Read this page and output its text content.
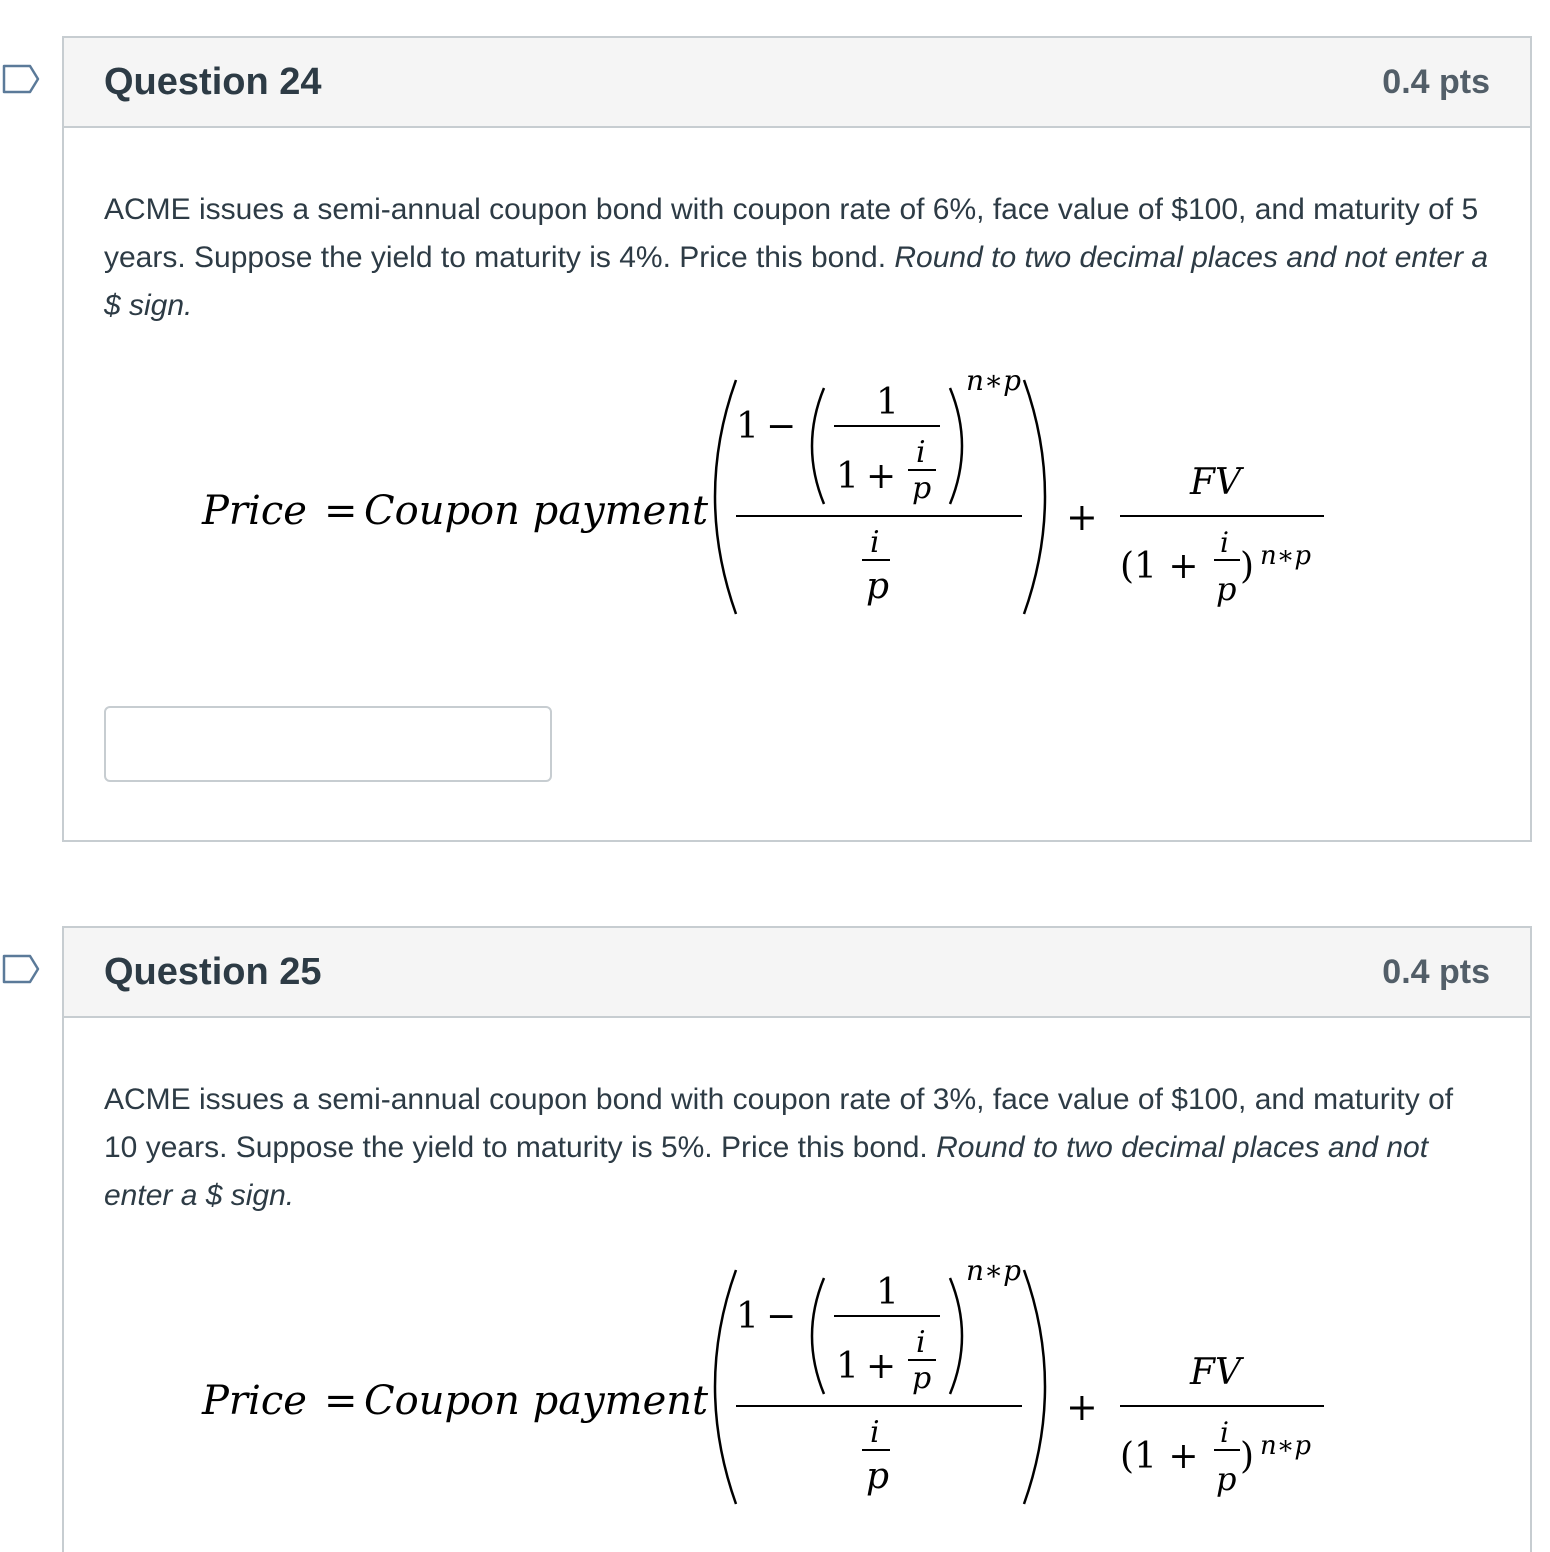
Question 24	0.4 pts

ACME issues a semi-annual coupon bond with coupon rate of 6%, face value of $100, and maturity of 5 years. Suppose the yield to maturity is 4%. Price this bond. Round to two decimal places and not enter a $ sign.

Price = Coupon payment
1 −
1
1 +
i
p
n∗p
i
p
+
FV
(1 +
i
p
) n∗p
Question 25	0.4 pts

ACME issues a semi-annual coupon bond with coupon rate of 3%, face value of $100, and maturity of 10 years. Suppose the yield to maturity is 5%. Price this bond. Round to two decimal places and not enter a $ sign.

Price = Coupon payment
1 −
1
1 +
i
p
n∗p
i
p
+
FV
(1 +
i
p
) n∗p
